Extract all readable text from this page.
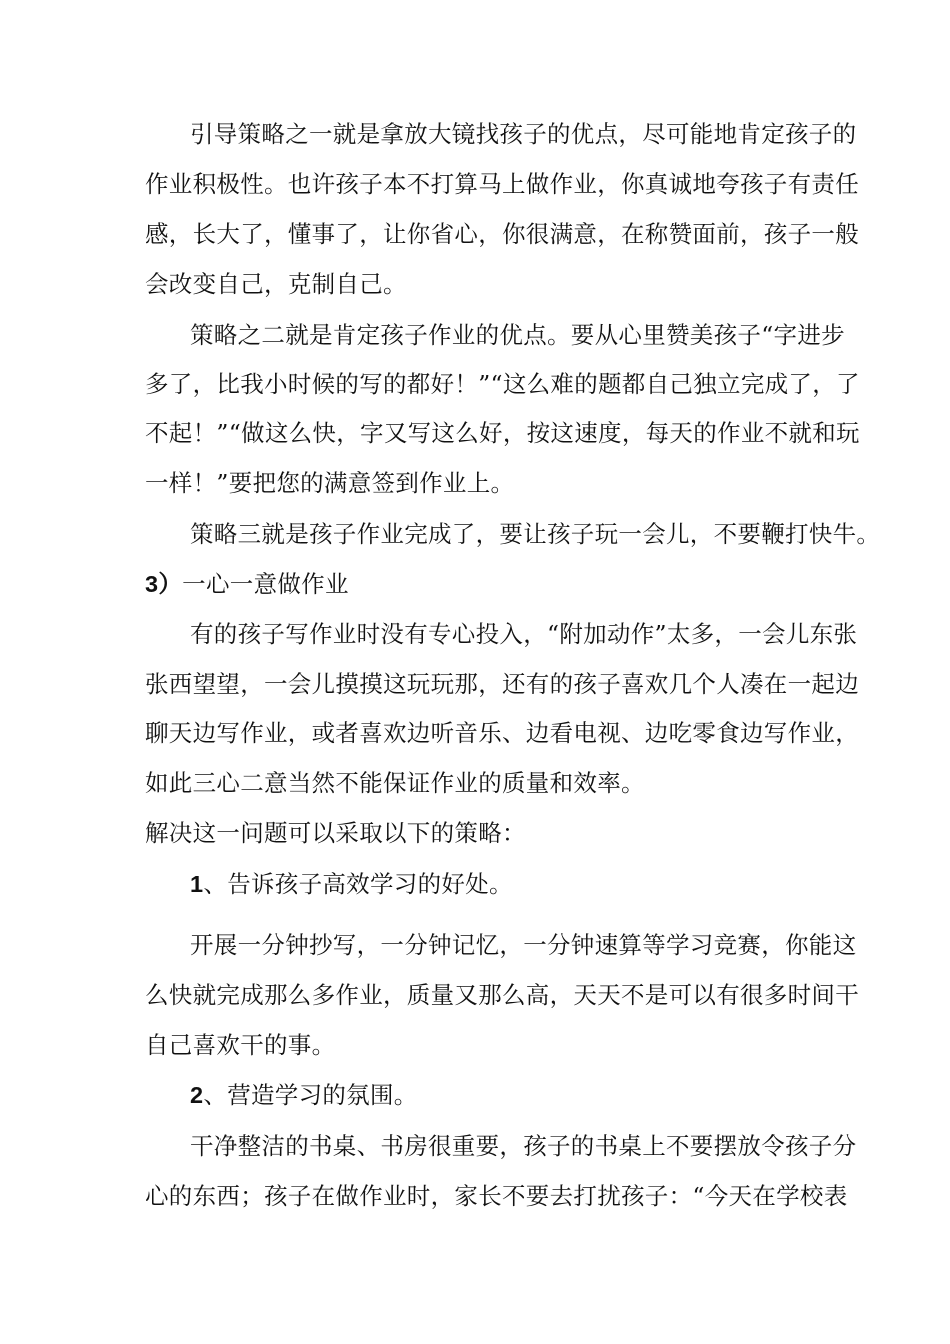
引导策略之一就是拿放大镜找孩子的优点，尽可能地肯定孩子的
作业积极性。也许孩子本不打算马上做作业，你真诚地夸孩子有责任
感，长大了，懂事了，让你省心，你很满意，在称赞面前，孩子一般
会改变自己，克制自己。
策略之二就是肯定孩子作业的优点。要从心里赞美孩子“字进步
多了，比我小时候的写的都好！”“这么难的题都自己独立完成了，了
不起！”“做这么快，字又写这么好，按这速度，每天的作业不就和玩
一样！”要把您的满意签到作业上。
策略三就是孩子作业完成了，要让孩子玩一会儿，不要鞭打快牛。
3）一心一意做作业
有的孩子写作业时没有专心投入，“附加动作”太多，一会儿东张
张西望望，一会儿摸摸这玩玩那，还有的孩子喜欢几个人凑在一起边
聊天边写作业，或者喜欢边听音乐、边看电视、边吃零食边写作业，
如此三心二意当然不能保证作业的质量和效率。
解决这一问题可以采取以下的策略：
1、告诉孩子高效学习的好处。
开展一分钟抄写，一分钟记忆，一分钟速算等学习竞赛，你能这
么快就完成那么多作业，质量又那么高，天天不是可以有很多时间干
自己喜欢干的事。
2、营造学习的氛围。
干净整洁的书桌、书房很重要，孩子的书桌上不要摆放令孩子分
心的东西；孩子在做作业时，家长不要去打扰孩子：“今天在学校表
